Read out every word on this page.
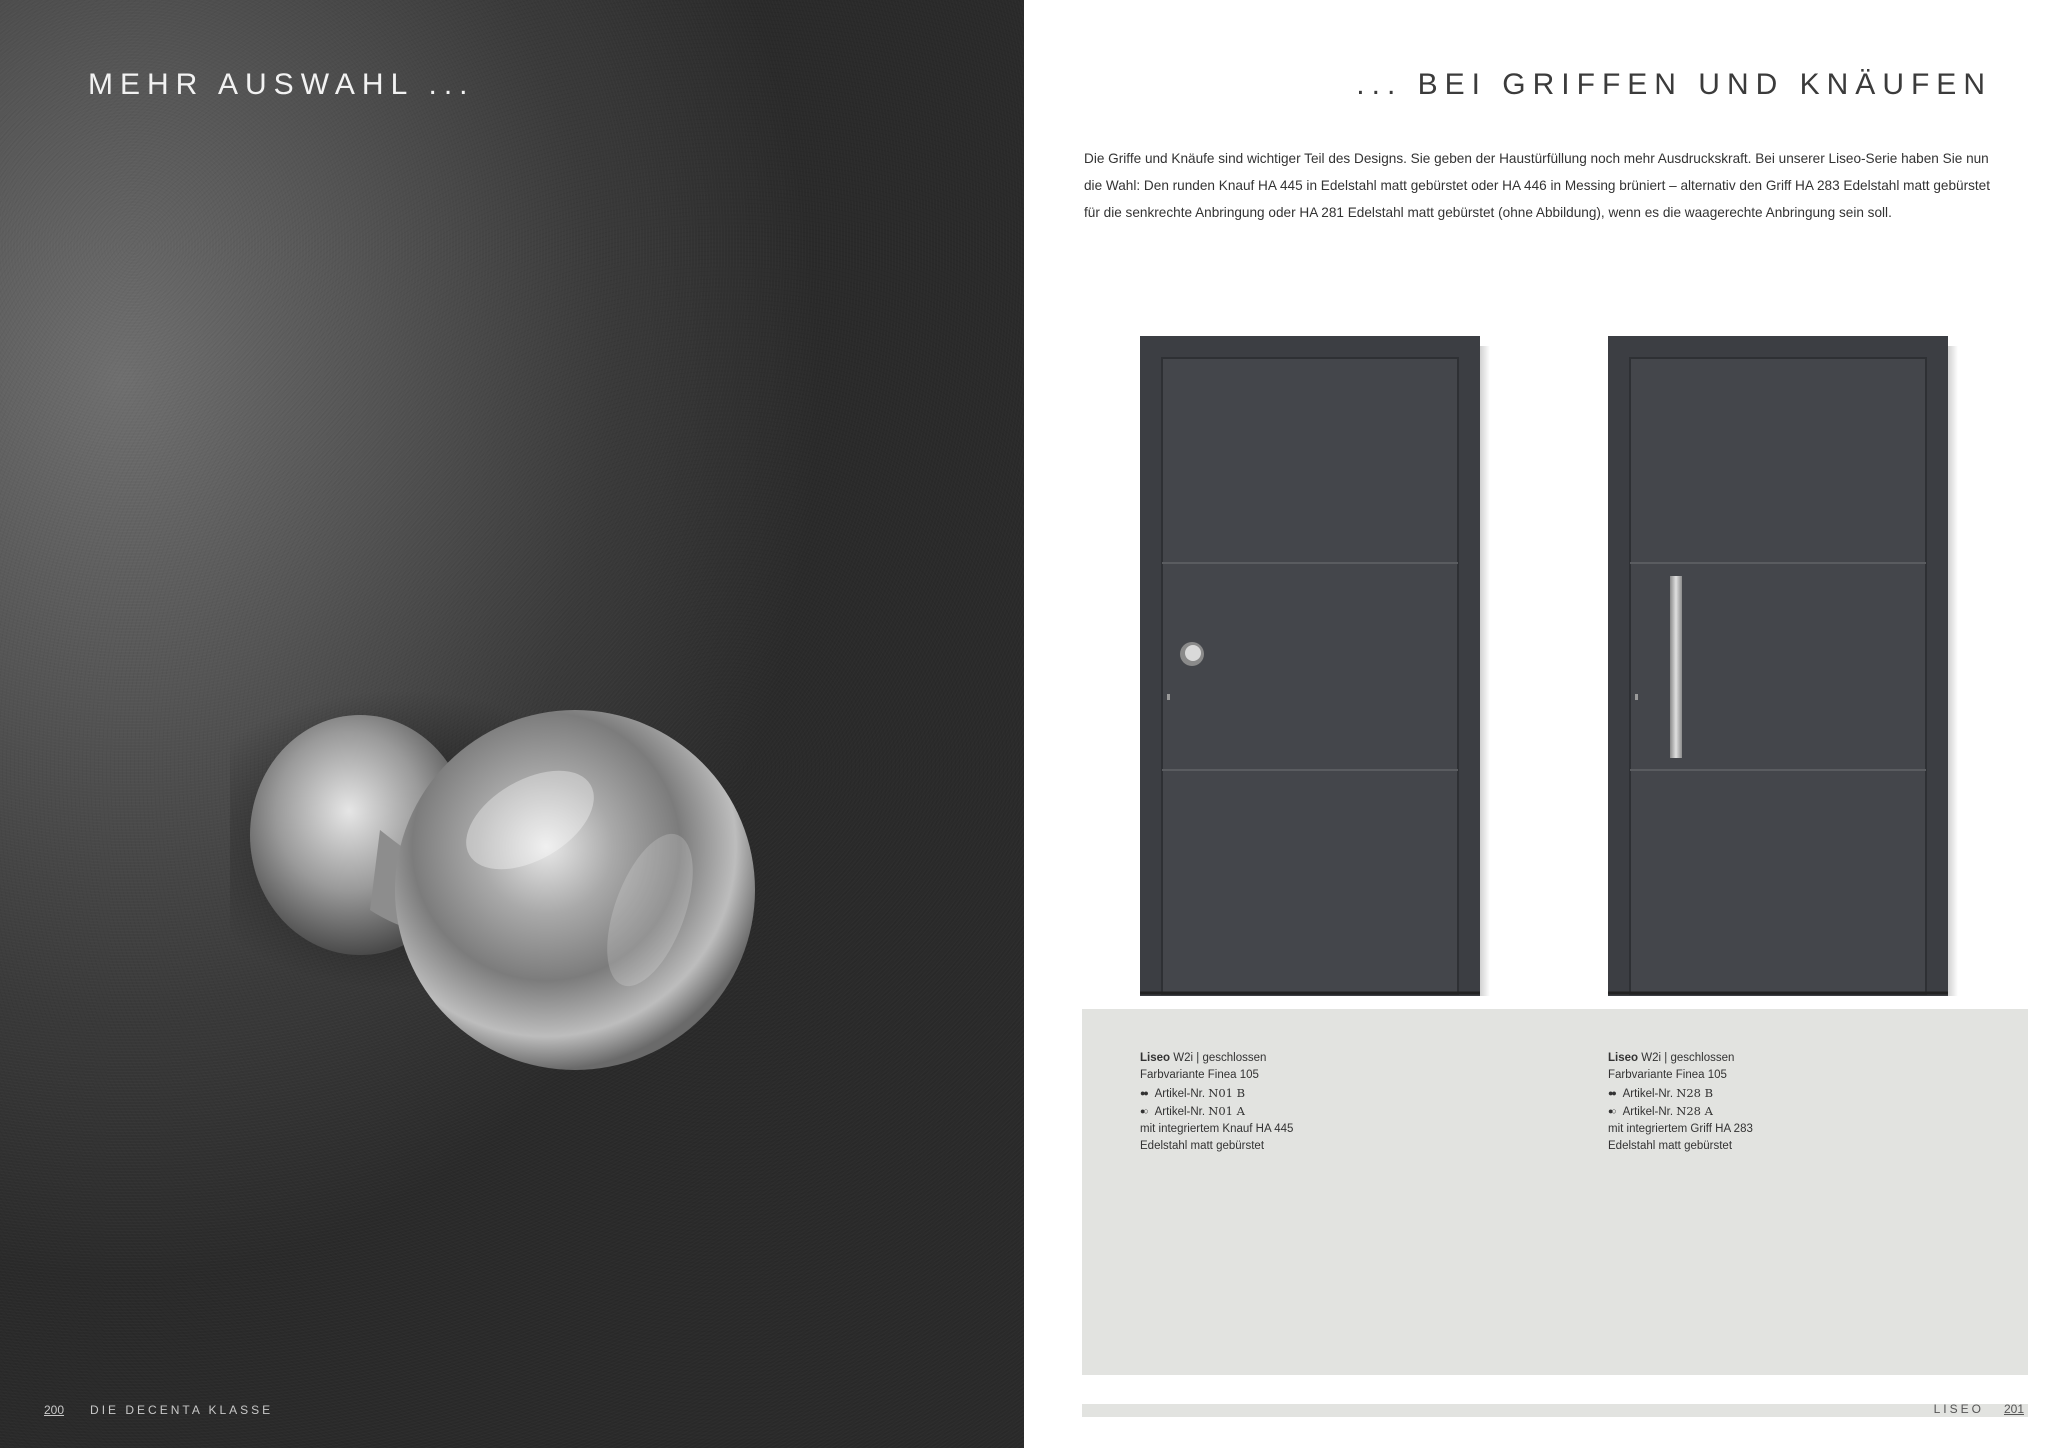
MEHR AUSWAHL ...
200 DIE DECENTA KLASSE
... BEI GRIFFEN UND KNÄUFEN
Die Griffe und Knäufe sind wichtiger Teil des Designs. Sie geben der Haustürfüllung noch mehr Ausdruckskraft. Bei unserer Liseo-Serie haben Sie nun
die Wahl: Den runden Knauf HA 445 in Edelstahl matt gebürstet oder HA 446 in Messing brüniert – alternativ den Griff HA 283 Edelstahl matt gebürstet
für die senkrechte Anbringung oder HA 281 Edelstahl matt gebürstet (ohne Abbildung), wenn es die waagerechte Anbringung sein soll.
Liseo W2i | geschlossen
Farbvariante Finea 105
●● Artikel-Nr. N01 B
●○ Artikel-Nr. N01 A
mit integriertem Knauf HA 445
Edelstahl matt gebürstet
Liseo W2i | geschlossen
Farbvariante Finea 105
●● Artikel-Nr. N28 B
●○ Artikel-Nr. N28 A
mit integriertem Griff HA 283
Edelstahl matt gebürstet
LISEO 201
